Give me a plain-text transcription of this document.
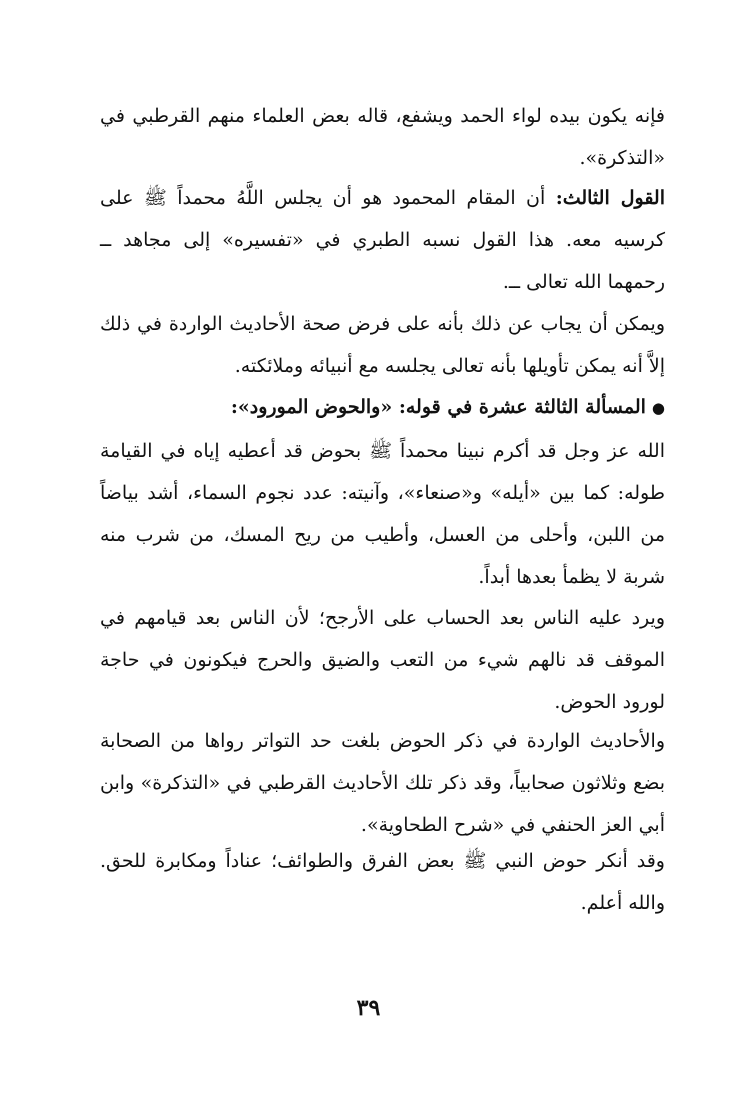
فإنه يكون بيده لواء الحمد ويشفع، قاله بعض العلماء منهم القرطبي في «التذكرة».

القول الثالث: أن المقام المحمود هو أن يجلس اللَّهُ محمداً ﷺ على كرسيه معه. هذا القول نسبه الطبري في «تفسيره» إلى مجاهد ــ رحمهما الله تعالى ــ.

ويمكن أن يجاب عن ذلك بأنه على فرض صحة الأحاديث الواردة في ذلك إلاَّ أنه يمكن تأويلها بأنه تعالى يجلسه مع أنبيائه وملائكته.

●المسألة الثالثة عشرة في قوله: «والحوض المورود»:

الله عز وجل قد أكرم نبينا محمداً ﷺ بحوض قد أعطيه إياه في القيامة طوله: كما بين «أيله» و«صنعاء»، وآنيته: عدد نجوم السماء، أشد بياضاً من اللبن، وأحلى من العسل، وأطيب من ريح المسك، من شرب منه شربة لا يظمأ بعدها أبداً.

ويرد عليه الناس بعد الحساب على الأرجح؛ لأن الناس بعد قيامهم في الموقف قد نالهم شيء من التعب والضيق والحرج فيكونون في حاجة لورود الحوض.

والأحاديث الواردة في ذكر الحوض بلغت حد التواتر رواها من الصحابة بضع وثلاثون صحابياً، وقد ذكر تلك الأحاديث القرطبي في «التذكرة» وابن أبي العز الحنفي في «شرح الطحاوية».

وقد أنكر حوض النبي ﷺ بعض الفرق والطوائف؛ عناداً ومكابرة للحق. والله أعلم.

٣٩
